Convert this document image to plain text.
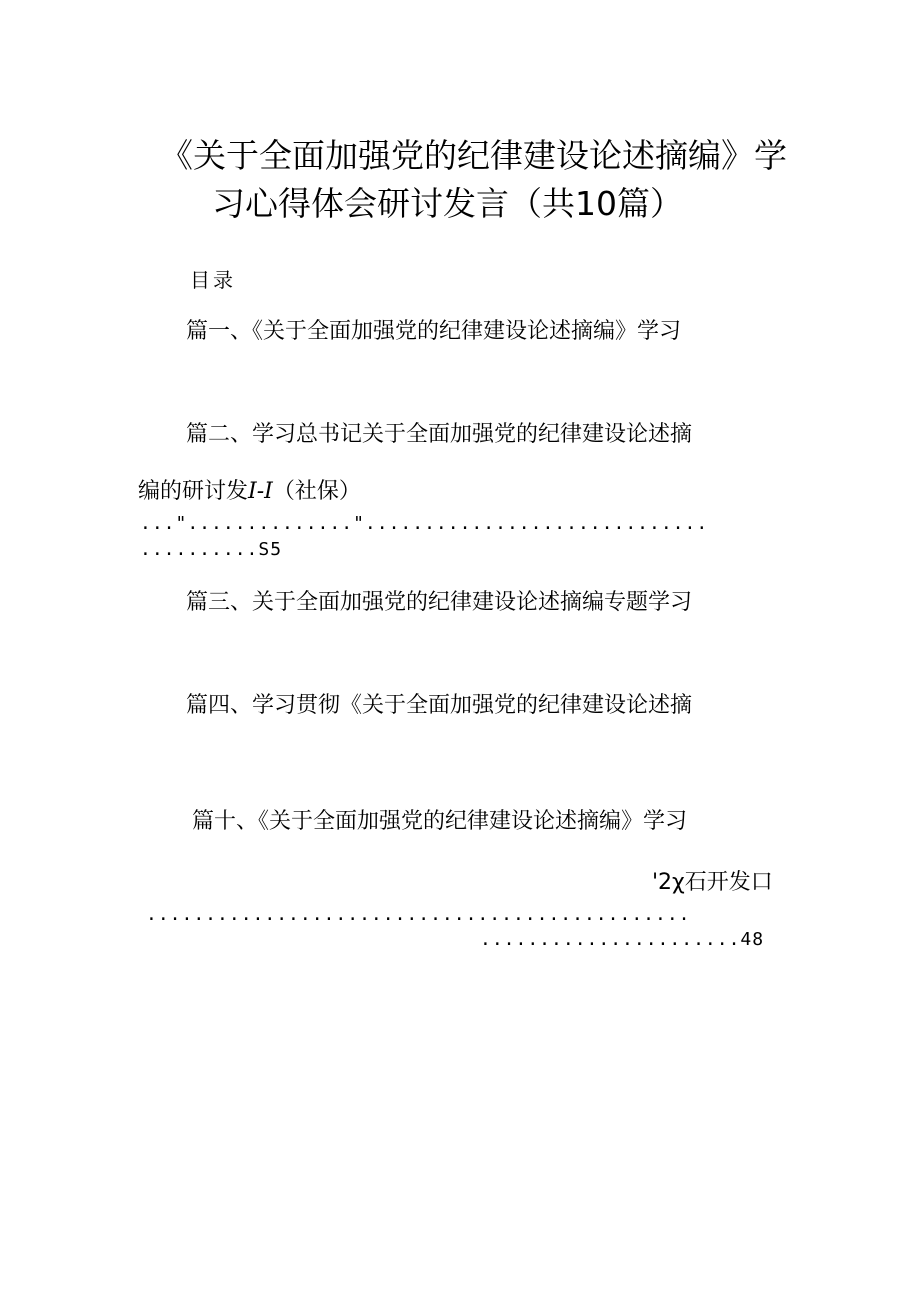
《关于全面加强党的纪律建设论述摘编》学
习心得体会研讨发言（共10篇）
目录
篇一、《关于全面加强党的纪律建设论述摘编》学习
篇二、学习总书记关于全面加强党的纪律建设论述摘
编的研讨发I-I（社保）
..."..............".............................
..........S5
篇三、关于全面加强党的纪律建设论述摘编专题学习
篇四、学习贯彻《关于全面加强党的纪律建设论述摘
篇十、《关于全面加强党的纪律建设论述摘编》学习
'2χ石开发口
..............................................
......................48
